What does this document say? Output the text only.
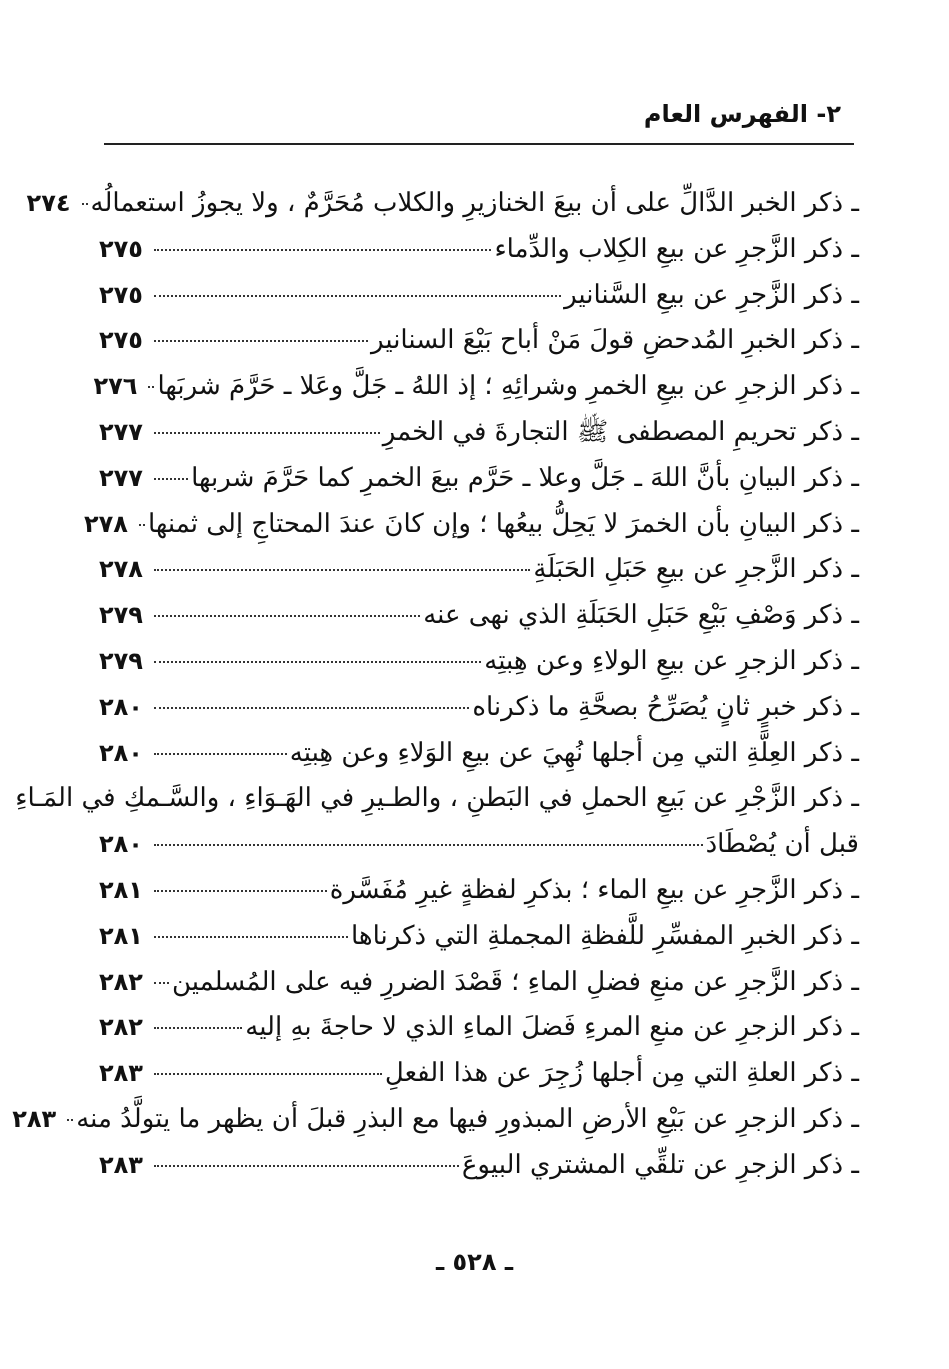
٢- الفهرس العام
ـ ذكر الخبر الدَّالِّ على أن بيعَ الخنازيرِ والكلاب مُحَرَّمٌ ، ولا يجوزُ استعمالُه
٢٧٤
ـ ذكر الزَّجرِ عن بيعِ الكِلاب والدِّماء
٢٧٥
ـ ذكر الزَّجرِ عن بيعِ السَّنانير
٢٧٥
ـ ذكر الخبرِ المُدحضِ قولَ مَنْ أباح بَيْعَ السنانير
٢٧٥
ـ ذكر الزجرِ عن بيعِ الخمرِ وشرائِهِ ؛ إذ اللهُ ـ جَلَّ وعَلا ـ حَرَّمَ شربَها
٢٧٦
ـ ذكر تحريمِ المصطفى ﷺ التجارةَ في الخمرِ
٢٧٧
ـ ذكر البيانِ بأنَّ اللهَ ـ جَلَّ وعلا ـ حَرَّم بيعَ الخمرِ كما حَرَّمَ شربها
٢٧٧
ـ ذكر البيانِ بأن الخمرَ لا يَحِلُّ بيعُها ؛ وإن كانَ عندَ المحتاجِ إلى ثمنها
٢٧٨
ـ ذكر الزَّجرِ عن بيعِ حَبَلِ الحَبَلَةِ
٢٧٨
ـ ذكر وَصْفِ بَيْعِ حَبَلِ الحَبَلَةِ الذي نهى عنه
٢٧٩
ـ ذكر الزجرِ عن بيعِ الولاءِ وعن هِبتِه
٢٧٩
ـ ذكر خبرٍ ثانٍ يُصَرِّحُ بصحَّةِ ما ذكرناه
٢٨٠
ـ ذكر العِلَّةِ التي مِن أجلها نُهِيَ عن بيعِ الوَلاءِ وعن هِبتِه
٢٨٠
ـ ذكر الزَّجْرِ عن بَيعِ الحملِ في البَطنِ ، والطـيرِ في الهَـوَاءِ ، والسَّـمكِ في المَـاءِ
قبل أن يُصْطَادَ
٢٨٠
ـ ذكر الزَّجرِ عن بيعِ الماء ؛ بذكرِ لفظةٍ غيرِ مُفَسَّرة
٢٨١
ـ ذكر الخبرِ المفسِّرِ للَّفظةِ المجملةِ التي ذكرناها
٢٨١
ـ ذكر الزَّجرِ عن منعِ فضلِ الماءِ ؛ قَصْدَ الضررِ فيه على المُسلمين
٢٨٢
ـ ذكر الزجرِ عن منعِ المرءِ فَضلَ الماءِ الذي لا حاجةَ بهِ إليه
٢٨٢
ـ ذكر العلةِ التي مِن أجلها زُجِرَ عن هذا الفعلِ
٢٨٣
ـ ذكر الزجرِ عن بَيْعِ الأرضِ المبذورِ فيها مع البذرِ قبلَ أن يظهر ما يتولَّدُ منه
٢٨٣
ـ ذكر الزجرِ عن تلقِّي المشتري البيوعَ
٢٨٣
ـ ٥٢٨ ـ
